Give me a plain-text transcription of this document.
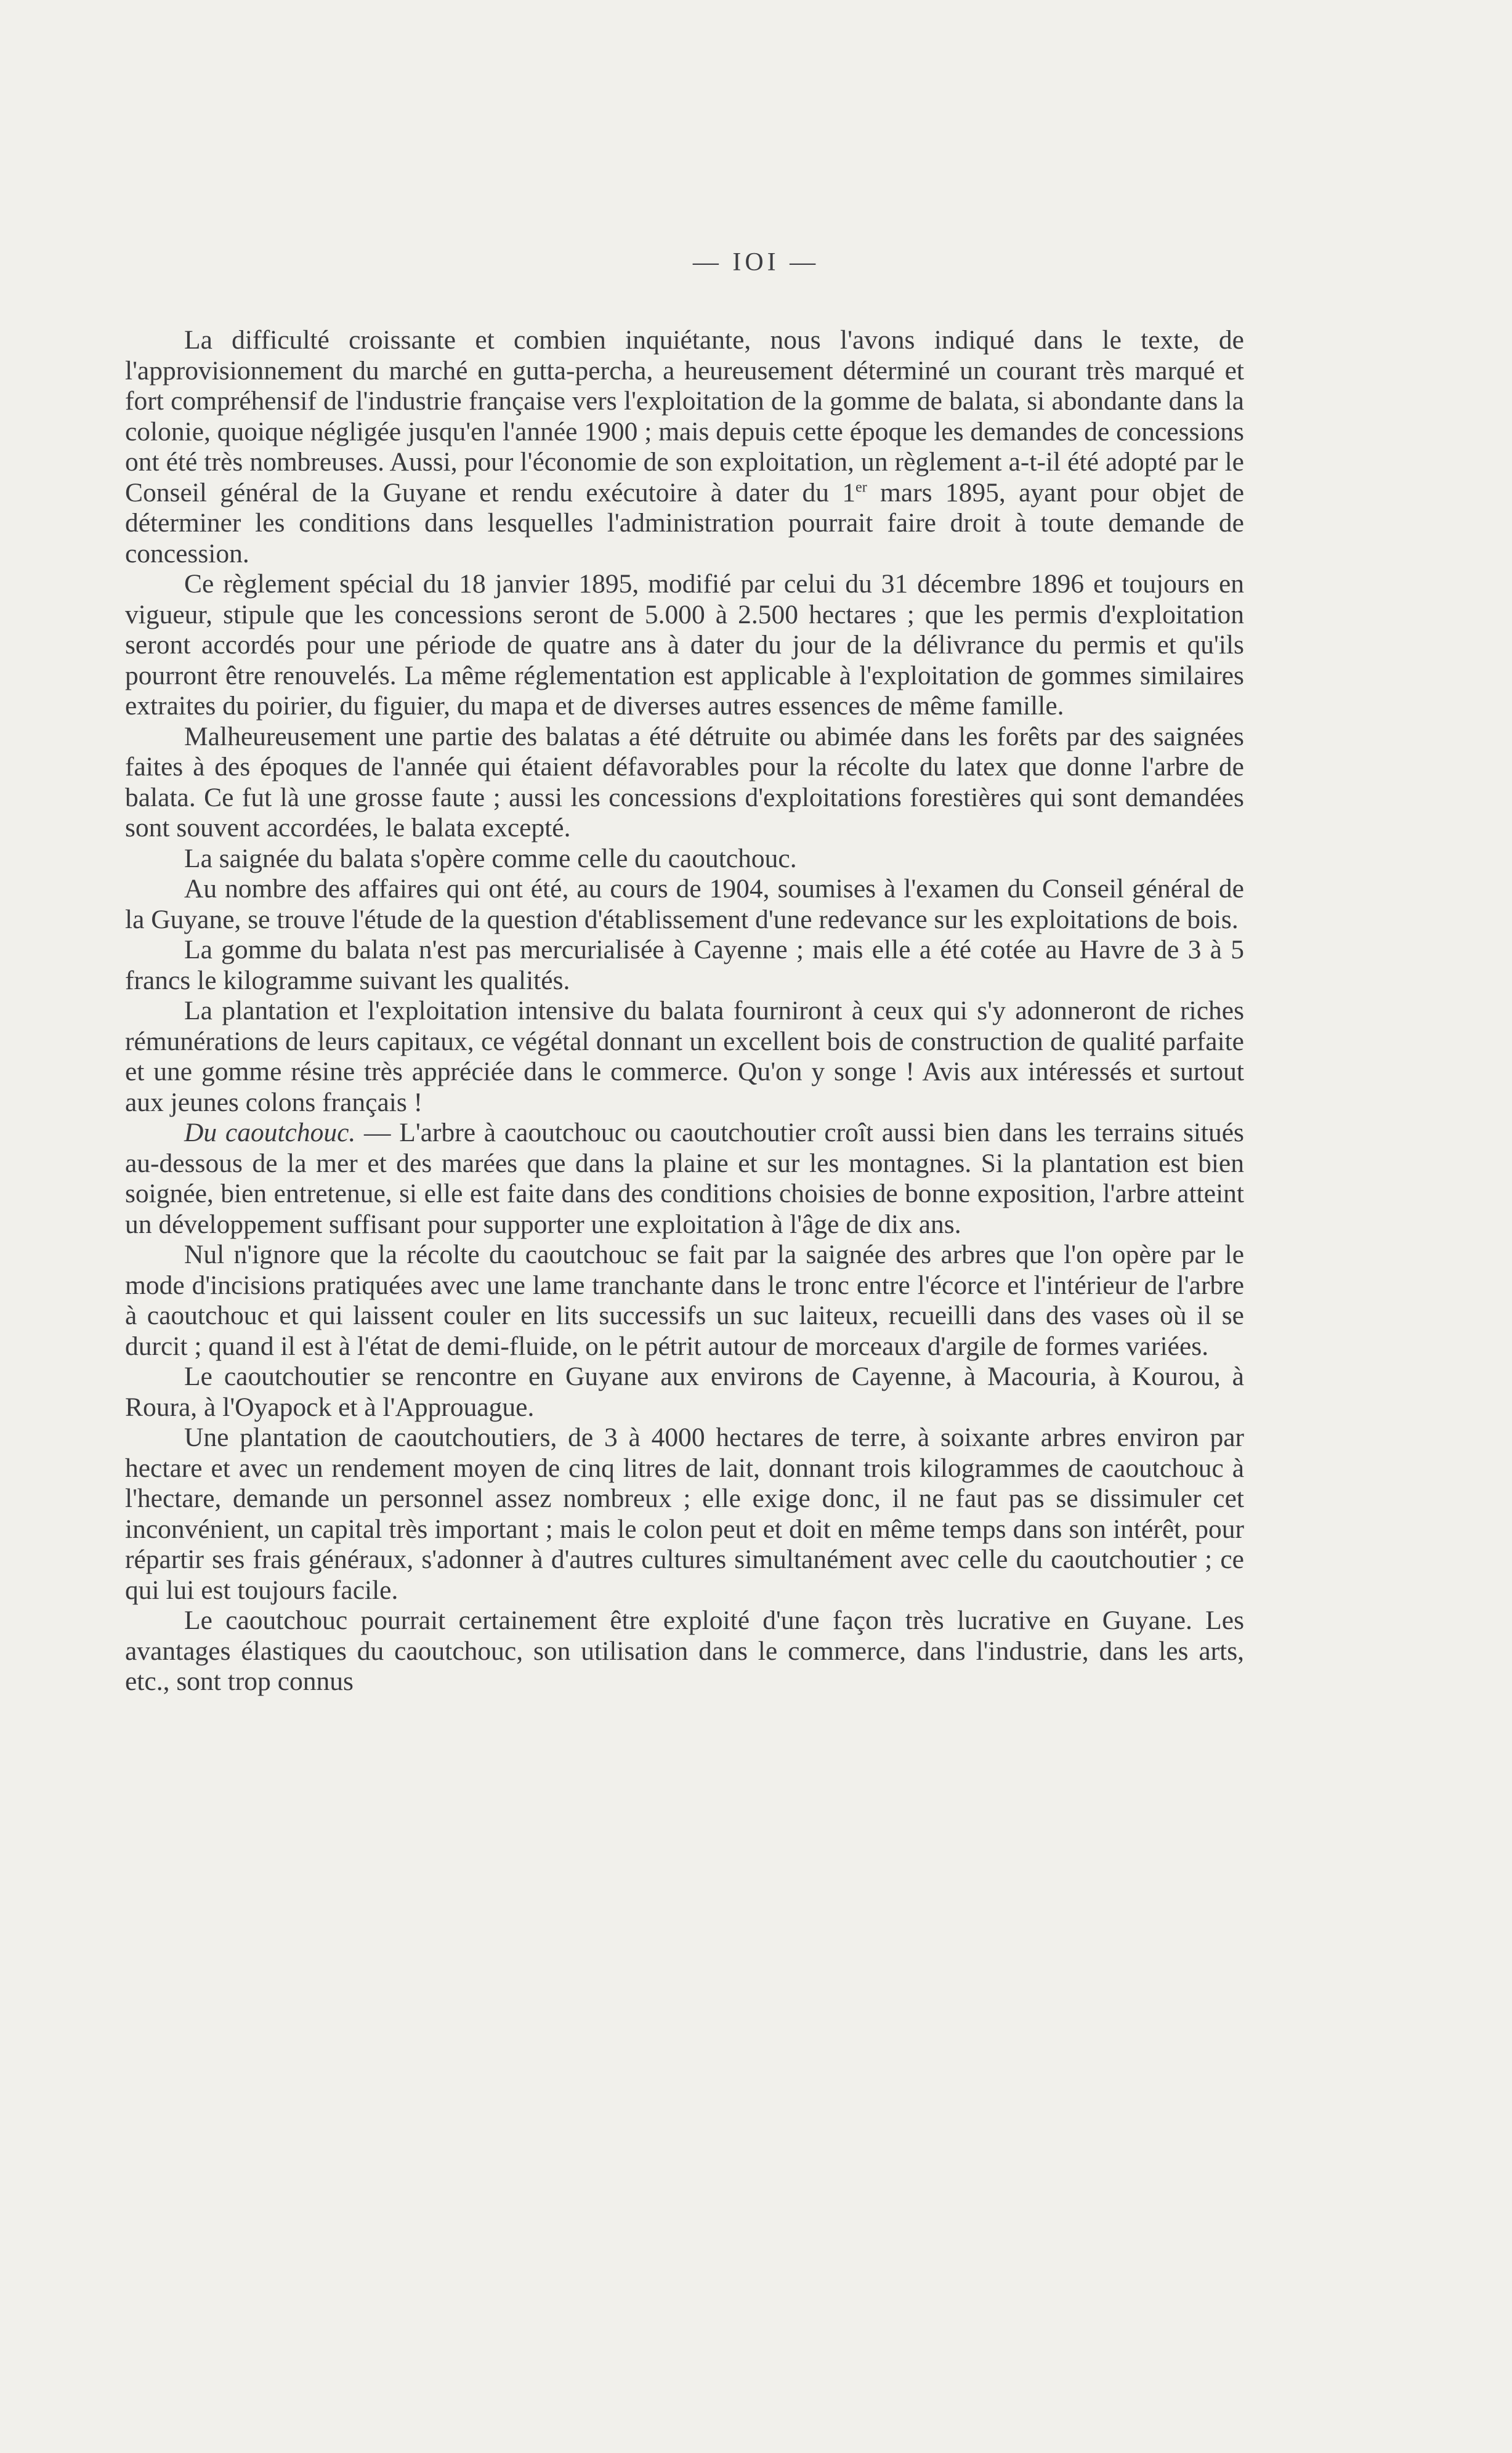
— IOI —

La difficulté croissante et combien inquiétante, nous l'avons indiqué dans le texte, de l'approvisionnement du marché en gutta-percha, a heureusement déterminé un courant très marqué et fort compréhensif de l'industrie française vers l'exploitation de la gomme de balata, si abondante dans la colonie, quoique négligée jusqu'en l'année 1900 ; mais depuis cette époque les demandes de concessions ont été très nombreuses. Aussi, pour l'économie de son exploitation, un règlement a-t-il été adopté par le Conseil général de la Guyane et rendu exécutoire à dater du 1er mars 1895, ayant pour objet de déterminer les conditions dans lesquelles l'administration pourrait faire droit à toute demande de concession.

Ce règlement spécial du 18 janvier 1895, modifié par celui du 31 décembre 1896 et toujours en vigueur, stipule que les concessions seront de 5.000 à 2.500 hectares ; que les permis d'exploitation seront accordés pour une période de quatre ans à dater du jour de la délivrance du permis et qu'ils pourront être renouvelés. La même réglementation est applicable à l'exploitation de gommes similaires extraites du poirier, du figuier, du mapa et de diverses autres essences de même famille.

Malheureusement une partie des balatas a été détruite ou abimée dans les forêts par des saignées faites à des époques de l'année qui étaient défavorables pour la récolte du latex que donne l'arbre de balata. Ce fut là une grosse faute ; aussi les concessions d'exploitations forestières qui sont demandées sont souvent accordées, le balata excepté.

La saignée du balata s'opère comme celle du caoutchouc.

Au nombre des affaires qui ont été, au cours de 1904, soumises à l'examen du Conseil général de la Guyane, se trouve l'étude de la question d'établissement d'une redevance sur les exploitations de bois.

La gomme du balata n'est pas mercurialisée à Cayenne ; mais elle a été cotée au Havre de 3 à 5 francs le kilogramme suivant les qualités.

La plantation et l'exploitation intensive du balata fourniront à ceux qui s'y adonneront de riches rémunérations de leurs capitaux, ce végétal donnant un excellent bois de construction de qualité parfaite et une gomme résine très appréciée dans le commerce. Qu'on y songe ! Avis aux intéressés et surtout aux jeunes colons français !

Du caoutchouc. — L'arbre à caoutchouc ou caoutchoutier croît aussi bien dans les terrains situés au-dessous de la mer et des marées que dans la plaine et sur les montagnes. Si la plantation est bien soignée, bien entretenue, si elle est faite dans des conditions choisies de bonne exposition, l'arbre atteint un développement suffisant pour supporter une exploitation à l'âge de dix ans.

Nul n'ignore que la récolte du caoutchouc se fait par la saignée des arbres que l'on opère par le mode d'incisions pratiquées avec une lame tranchante dans le tronc entre l'écorce et l'intérieur de l'arbre à caoutchouc et qui laissent couler en lits successifs un suc laiteux, recueilli dans des vases où il se durcit ; quand il est à l'état de demi-fluide, on le pétrit autour de morceaux d'argile de formes variées.

Le caoutchoutier se rencontre en Guyane aux environs de Cayenne, à Macouria, à Kourou, à Roura, à l'Oyapock et à l'Approuague.

Une plantation de caoutchoutiers, de 3 à 4000 hectares de terre, à soixante arbres environ par hectare et avec un rendement moyen de cinq litres de lait, donnant trois kilogrammes de caoutchouc à l'hectare, demande un personnel assez nombreux ; elle exige donc, il ne faut pas se dissimuler cet inconvénient, un capital très important ; mais le colon peut et doit en même temps dans son intérêt, pour répartir ses frais généraux, s'adonner à d'autres cultures simultanément avec celle du caoutchoutier ; ce qui lui est toujours facile.

Le caoutchouc pourrait certainement être exploité d'une façon très lucrative en Guyane. Les avantages élastiques du caoutchouc, son utilisation dans le commerce, dans l'industrie, dans les arts, etc., sont trop connus
